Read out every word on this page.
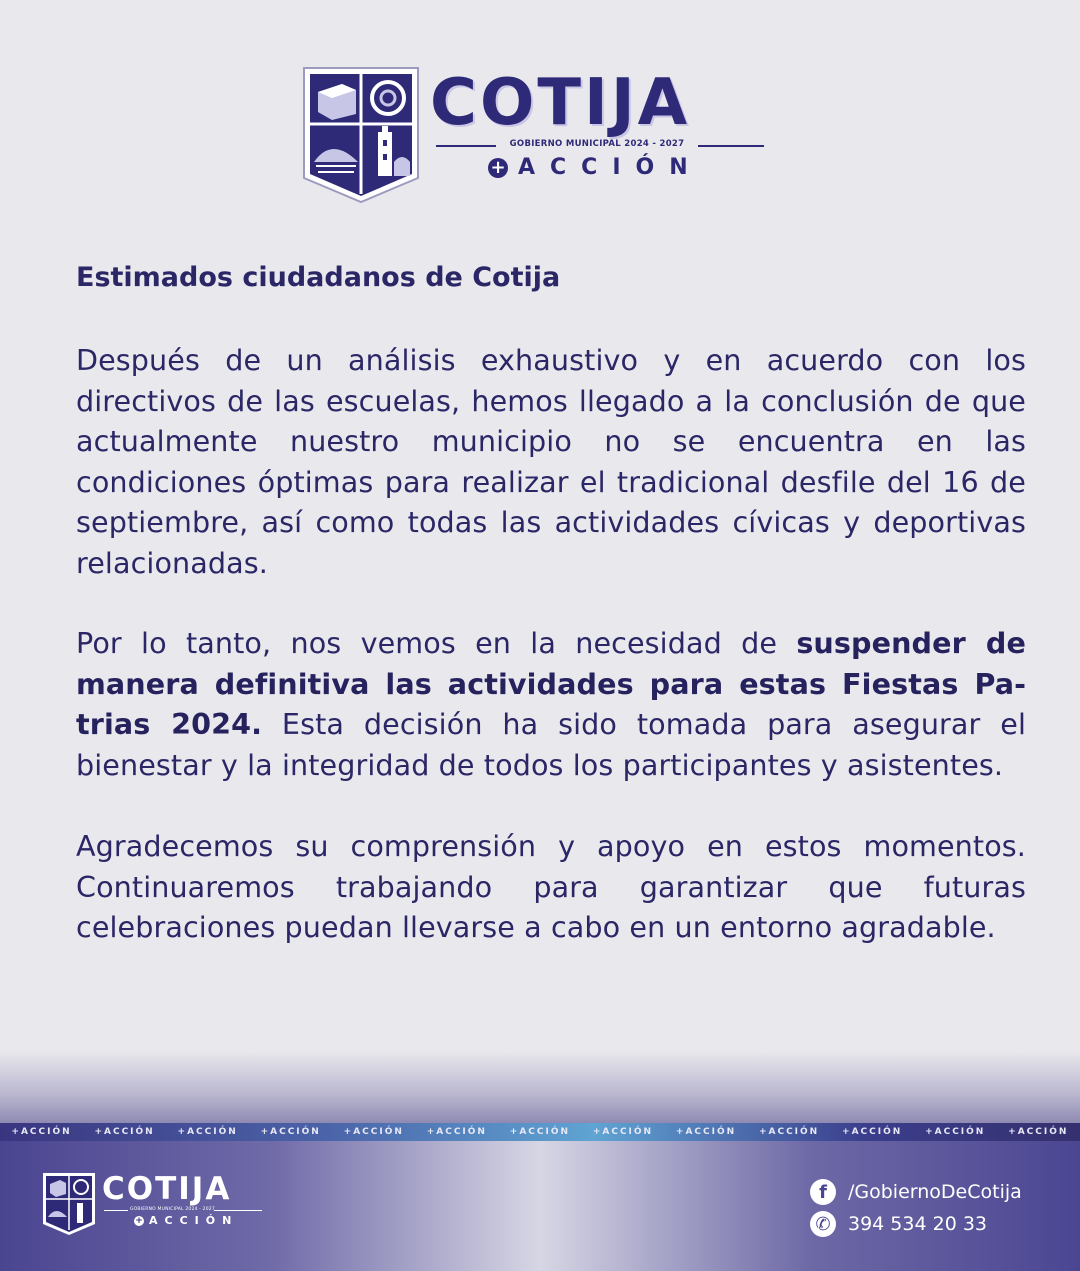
COTIJA
GOBIERNO MUNICIPAL 2024 - 2027
+ ACCIÓN

Estimados ciudadanos de Cotija

Después de un análisis exhaustivo y en acuerdo con los directivos de las escuelas, hemos llegado a la conclusión de que actualmente nuestro municipio no se encuentra en las condiciones óptimas para realizar el tradicional desfile del 16 de septiembre, así como todas las actividades cívicas y deportivas relacionadas.

Por lo tanto, nos vemos en la necesidad de suspender de manera definitiva las actividades para estas Fiestas Patrias 2024. Esta decisión ha sido tomada para asegurar el bienestar y la integridad de todos los participantes y asistentes.

Agradecemos su comprensión y apoyo en estos momentos. Continuaremos trabajando para garantizar que futuras celebraciones puedan llevarse a cabo en un entorno agradable.

+ACCIÓN	+ACCIÓN	+ACCIÓN	+ACCIÓN	+ACCIÓN	+ACCIÓN	+ACCIÓN	+ACCIÓN	+ACCIÓN	+ACCIÓN	+ACCIÓN	+ACCIÓN	+ACCIÓN
COTIJA
GOBIERNO MUNICIPAL 2024 - 2027
+ ACCIÓN
f	/GobiernoDeCotija
✆ 394 534 20 33
